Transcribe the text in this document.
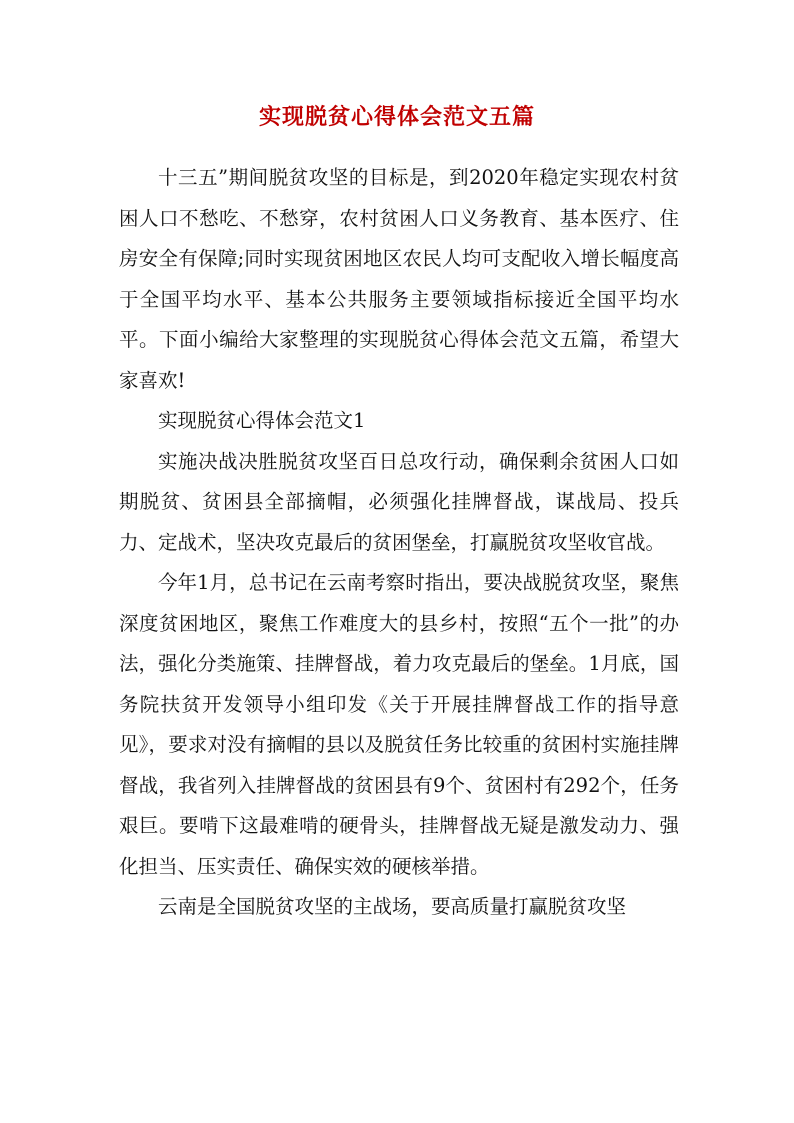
实现脱贫心得体会范文五篇

十三五”期间脱贫攻坚的目标是，到2020年稳定实现农村贫困人口不愁吃、不愁穿，农村贫困人口义务教育、基本医疗、住房安全有保障;同时实现贫困地区农民人均可支配收入增长幅度高于全国平均水平、基本公共服务主要领域指标接近全国平均水平。下面小编给大家整理的实现脱贫心得体会范文五篇，希望大家喜欢!

实现脱贫心得体会范文1

实施决战决胜脱贫攻坚百日总攻行动，确保剩余贫困人口如期脱贫、贫困县全部摘帽，必须强化挂牌督战，谋战局、投兵力、定战术，坚决攻克最后的贫困堡垒，打赢脱贫攻坚收官战。

今年1月，总书记在云南考察时指出，要决战脱贫攻坚，聚焦深度贫困地区，聚焦工作难度大的县乡村，按照“五个一批”的办法，强化分类施策、挂牌督战，着力攻克最后的堡垒。1月底，国务院扶贫开发领导小组印发《关于开展挂牌督战工作的指导意见》，要求对没有摘帽的县以及脱贫任务比较重的贫困村实施挂牌督战，我省列入挂牌督战的贫困县有9个、贫困村有292个，任务艰巨。要啃下这最难啃的硬骨头，挂牌督战无疑是激发动力、强化担当、压实责任、确保实效的硬核举措。

云南是全国脱贫攻坚的主战场，要高质量打赢脱贫攻坚
